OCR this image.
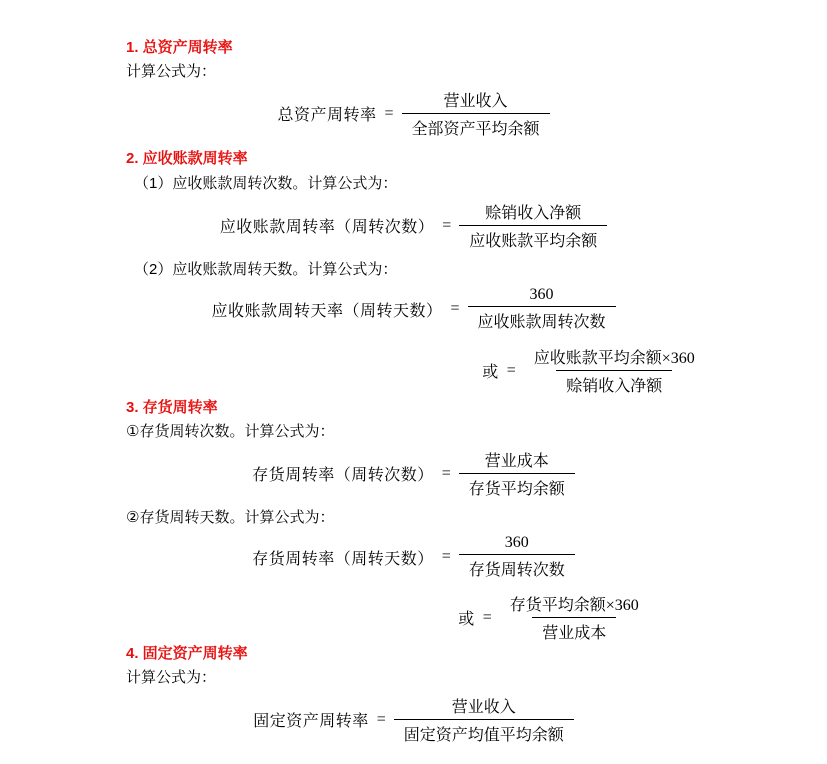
1. 总资产周转率
计算公式为：
总资产周转率 = $\frac{\text{营业收入}}{\text{全部资产平均余额}}$
2. 应收账款周转率
（1）应收账款周转次数。计算公式为：
应收账款周转率（周转次数） = $\frac{\text{赊销收入净额}}{\text{应收账款平均余额}}$
（2）应收账款周转天数。计算公式为：
应收账款周转天率（周转天数） = $\frac{360}{\text{应收账款周转次数}}$
或 = $\frac{\text{应收账款平均余额×360}}{\text{赊销收入净额}}$
3. 存货周转率
①存货周转次数。计算公式为：
存货周转率（周转次数） = $\frac{\text{营业成本}}{\text{存货平均余额}}$
②存货周转天数。计算公式为：
存货周转率（周转天数） = $\frac{360}{\text{存货周转次数}}$
或 = $\frac{\text{存货平均余额×360}}{\text{营业成本}}$
4. 固定资产周转率
计算公式为：
固定资产周转率 = $\frac{\text{营业收入}}{\text{固定资产均值平均余额}}$
